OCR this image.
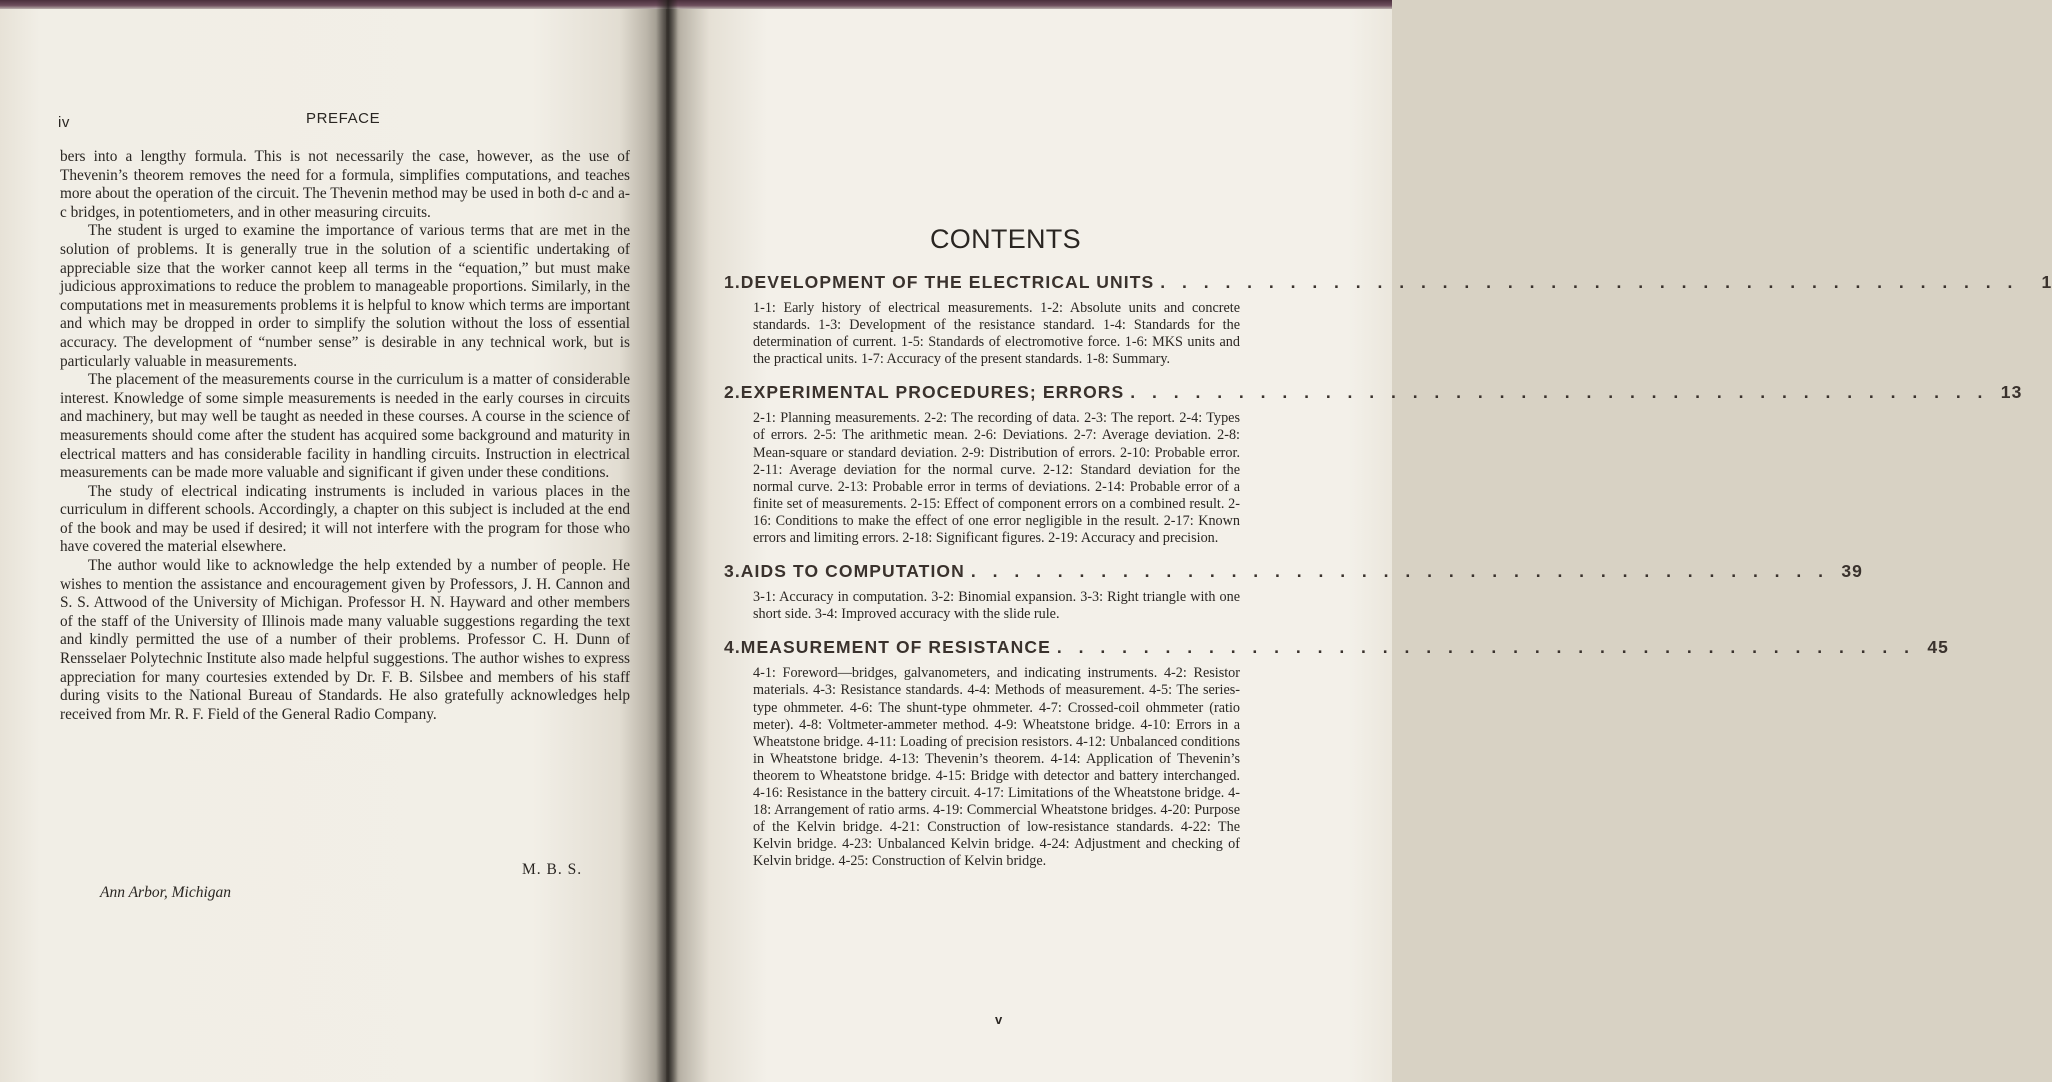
iv	PREFACE

bers into a lengthy formula. This is not necessarily the case, however, as the use of Thevenin’s theorem removes the need for a formula, simplifies computations, and teaches more about the operation of the circuit. The Thevenin method may be used in both d-c and a-c bridges, in potentiometers, and in other measuring circuits.

The student is urged to examine the importance of various terms that are met in the solution of problems. It is generally true in the solution of a scientific undertaking of appreciable size that the worker cannot keep all terms in the “equation,” but must make judicious approximations to reduce the problem to manageable proportions. Similarly, in the computations met in measurements problems it is helpful to know which terms are important and which may be dropped in order to simplify the solution without the loss of essential accuracy. The development of “number sense” is desirable in any technical work, but is particularly valuable in measurements.

The placement of the measurements course in the curriculum is a matter of considerable interest. Knowledge of some simple measurements is needed in the early courses in circuits and machinery, but may well be taught as needed in these courses. A course in the science of measurements should come after the student has acquired some background and maturity in electrical matters and has considerable facility in handling circuits. Instruction in electrical measurements can be made more valuable and significant if given under these conditions.

The study of electrical indicating instruments is included in various places in the curriculum in different schools. Accordingly, a chapter on this subject is included at the end of the book and may be used if desired; it will not interfere with the program for those who have covered the material elsewhere.

The author would like to acknowledge the help extended by a number of people. He wishes to mention the assistance and encouragement given by Professors, J. H. Cannon and S. S. Attwood of the University of Michigan. Professor H. N. Hayward and other members of the staff of the University of Illinois made many valuable suggestions regarding the text and kindly permitted the use of a number of their problems. Professor C. H. Dunn of Rensselaer Polytechnic Institute also made helpful suggestions. The author wishes to express appreciation for many courtesies extended by Dr. F. B. Silsbee and members of his staff during visits to the National Bureau of Standards. He also gratefully acknowledges help received from Mr. R. F. Field of the General Radio Company.

M. B. S.
Ann Arbor, Michigan
CONTENTS
1. DEVELOPMENT OF THE ELECTRICAL UNITS . . . . . . . . . . . . . . . . . . . . . . . . . . . . . . . . . . . . . . . .	1
1-1: Early history of electrical measurements. 1-2: Absolute units and concrete standards. 1-3: Development of the resistance standard. 1-4: Standards for the determination of current. 1-5: Standards of electromotive force. 1-6: MKS units and the practical units. 1-7: Accuracy of the present standards. 1-8: Summary.
2. EXPERIMENTAL PROCEDURES; ERRORS . . . . . . . . . . . . . . . . . . . . . . . . . . . . . . . . . . . . . . . . 13
2-1: Planning measurements. 2-2: The recording of data. 2-3: The report. 2-4: Types of errors. 2-5: The arithmetic mean. 2-6: Deviations. 2-7: Average deviation. 2-8: Mean-square or standard deviation. 2-9: Distribution of errors. 2-10: Probable error. 2-11: Average deviation for the normal curve. 2-12: Standard deviation for the normal curve. 2-13: Probable error in terms of deviations. 2-14: Probable error of a finite set of measurements. 2-15: Effect of component errors on a combined result. 2-16: Conditions to make the effect of one error negligible in the result. 2-17: Known errors and limiting errors. 2-18: Significant figures. 2-19: Accuracy and precision.
3. AIDS TO COMPUTATION . . . . . . . . . . . . . . . . . . . . . . . . . . . . . . . . . . . . . . . . 39
3-1: Accuracy in computation. 3-2: Binomial expansion. 3-3: Right triangle with one short side. 3-4: Improved accuracy with the slide rule.
4. MEASUREMENT OF RESISTANCE . . . . . . . . . . . . . . . . . . . . . . . . . . . . . . . . . . . . . . . . 45
4-1: Foreword—bridges, galvanometers, and indicating instruments. 4-2: Resistor materials. 4-3: Resistance standards. 4-4: Methods of measurement. 4-5: The series-type ohmmeter. 4-6: The shunt-type ohmmeter. 4-7: Crossed-coil ohmmeter (ratio meter). 4-8: Voltmeter-ammeter method. 4-9: Wheatstone bridge. 4-10: Errors in a Wheatstone bridge. 4-11: Loading of precision resistors. 4-12: Unbalanced conditions in Wheatstone bridge. 4-13: Thevenin’s theorem. 4-14: Application of Thevenin’s theorem to Wheatstone bridge. 4-15: Bridge with detector and battery interchanged. 4-16: Resistance in the battery circuit. 4-17: Limitations of the Wheatstone bridge. 4-18: Arrangement of ratio arms. 4-19: Commercial Wheatstone bridges. 4-20: Purpose of the Kelvin bridge. 4-21: Construction of low-resistance standards. 4-22: The Kelvin bridge. 4-23: Unbalanced Kelvin bridge. 4-24: Adjustment and checking of Kelvin bridge. 4-25: Construction of Kelvin bridge.
v
